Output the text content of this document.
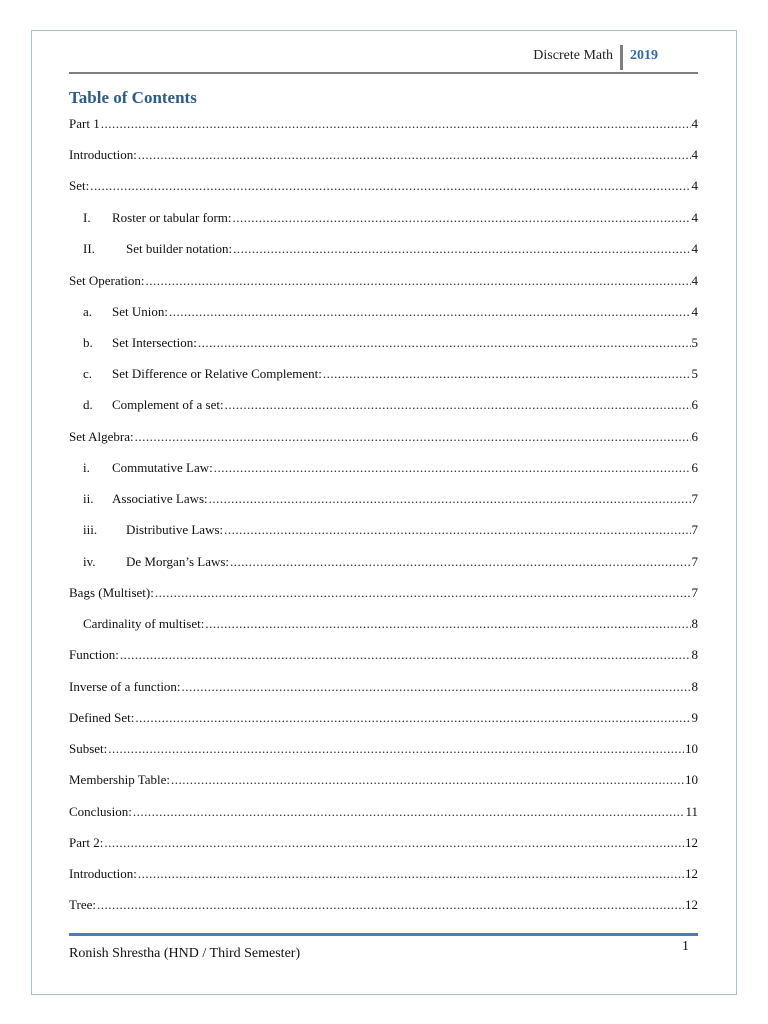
Discrete Math 2019
Table of Contents
Part 1 .....	4
Introduction: .....	4
Set: .....	4
I.	Roster or tabular form: .....	4
II.	Set builder notation: .....	4
Set Operation: .....	4
a.	Set Union: .....	4
b.	Set Intersection: .....	5
c.	Set Difference or Relative Complement: .....	5
d.	Complement of a set: .....	6
Set Algebra: .....	6
i.	Commutative Law: .....	6
ii.	Associative Laws: .....	7
iii.	Distributive Laws: .....	7
iv.	De Morgan’s Laws: .....	7
Bags (Multiset): .....	7
Cardinality of multiset: .....	8
Function: .....	8
Inverse of a function: .....	8
Defined Set: .....	9
Subset: .....	10
Membership Table: .....	10
Conclusion: .....	11
Part 2: .....	12
Introduction: .....	12
Tree: .....	12
Ronish Shrestha (HND / Third Semester)	1
